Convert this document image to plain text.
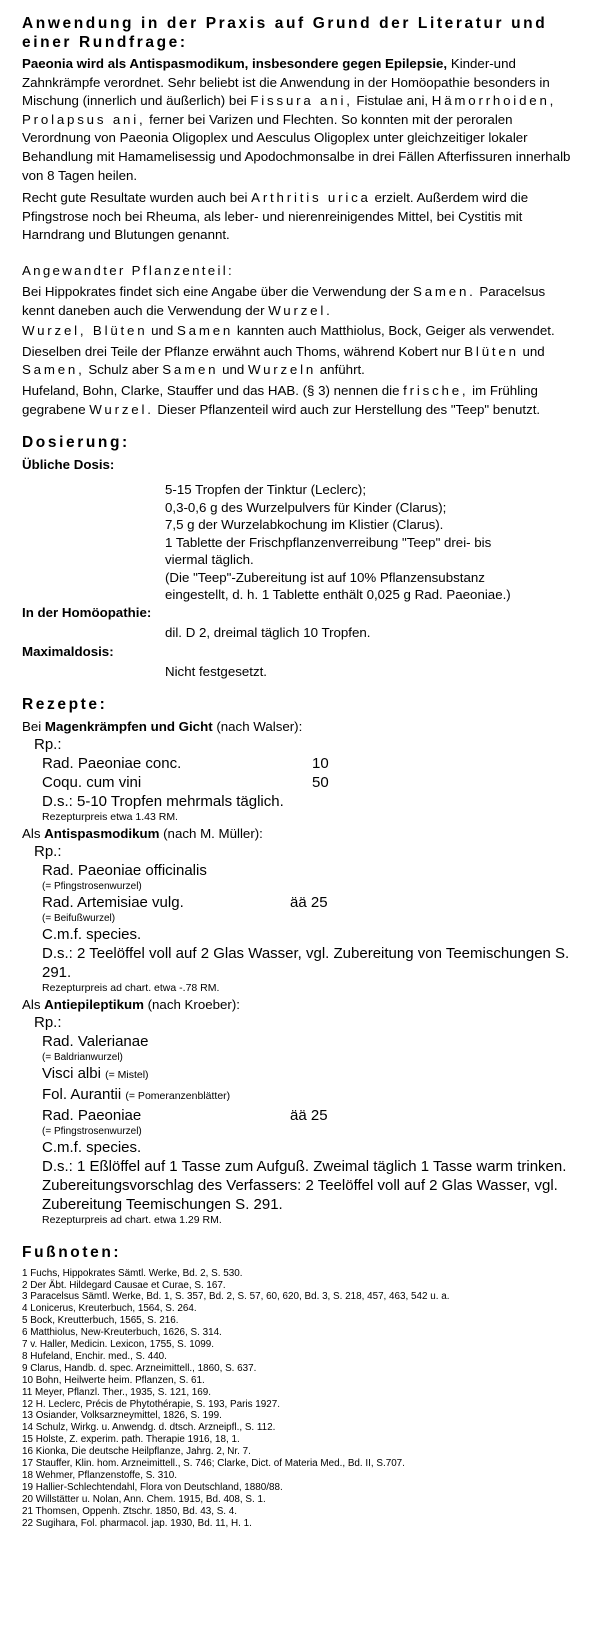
Anwendung in der Praxis auf Grund der Literatur und einer Rundfrage:

Paeonia wird als Antispasmodikum, insbesondere gegen Epilepsie, Kinder-und Zahnkrämpfe verordnet. Sehr beliebt ist die Anwendung in der Homöopathie besonders in Mischung (innerlich und äußerlich) bei Fissura ani, Fistulae ani, Hämorrhoiden, Prolapsus ani, ferner bei Varizen und Flechten. So konnten mit der peroralen Verordnung von Paeonia Oligoplex und Aesculus Oligoplex unter gleichzeitiger lokaler Behandlung mit Hamamelisessig und Apodochmonsalbe in drei Fällen Afterfissuren innerhalb von 8 Tagen heilen.

Recht gute Resultate wurden auch bei Arthritis urica erzielt. Außerdem wird die Pfingstrose noch bei Rheuma, als leber- und nierenreinigendes Mittel, bei Cystitis mit Harndrang und Blutungen genannt.

Angewandter Pflanzenteil:

Bei Hippokrates findet sich eine Angabe über die Verwendung der Samen. Paracelsus kennt daneben auch die Verwendung der Wurzel.

Wurzel, Blüten und Samen kannten auch Matthiolus, Bock, Geiger als verwendet.

Dieselben drei Teile der Pflanze erwähnt auch Thoms, während Kobert nur Blüten und Samen, Schulz aber Samen und Wurzeln anführt.

Hufeland, Bohn, Clarke, Stauffer und das HAB. (§ 3) nennen die frische, im Frühling gegrabene Wurzel. Dieser Pflanzenteil wird auch zur Herstellung des "Teep" benutzt.

Dosierung:
Übliche Dosis:
5-15 Tropfen der Tinktur (Leclerc);
0,3-0,6 g des Wurzelpulvers für Kinder (Clarus);
7,5 g der Wurzelabkochung im Klistier (Clarus).
1 Tablette der Frischpflanzenverreibung "Teep" drei- bis
viermal täglich.
(Die "Teep"-Zubereitung ist auf 10% Pflanzensubstanz
eingestellt, d. h. 1 Tablette enthält 0,025 g Rad. Paeoniae.)
In der Homöopathie:
dil. D 2, dreimal täglich 10 Tropfen.
Maximaldosis:
Nicht festgesetzt.
Rezepte:
Bei Magenkrämpfen und Gicht (nach Walser):
Rp.:
Rad. Paeoniae conc.	10
Coqu. cum vini	50
D.s.: 5-10 Tropfen mehrmals täglich.
Rezepturpreis etwa 1.43 RM.
Als Antispasmodikum (nach M. Müller):
Rp.:
Rad. Paeoniae officinalis
(= Pfingstrosenwurzel)
Rad. Artemisiae vulg.	ää 25
(= Beifußwurzel)
C.m.f. species.
D.s.: 2 Teelöffel voll auf 2 Glas Wasser, vgl. Zubereitung von Teemischungen S. 291.
Rezepturpreis ad chart. etwa -.78 RM.
Als Antiepileptikum (nach Kroeber):
Rp.:
Rad. Valerianae
(= Baldrianwurzel)
Visci albi (= Mistel)
Fol. Aurantii (= Pomeranzenblätter)
Rad. Paeoniae	ää 25
(= Pfingstrosenwurzel)
C.m.f. species.
D.s.: 1 Eßlöffel auf 1 Tasse zum Aufguß. Zweimal täglich 1 Tasse warm trinken.
Zubereitungsvorschlag des Verfassers: 2 Teelöffel voll auf 2 Glas Wasser, vgl. Zubereitung Teemischungen S. 291.
Rezepturpreis ad chart. etwa 1.29 RM.
Fußnoten:
1 Fuchs, Hippokrates Sämtl. Werke, Bd. 2, S. 530.
2 Der Äbt. Hildegard Causae et Curae, S. 167.
3 Paracelsus Sämtl. Werke, Bd. 1, S. 357, Bd. 2, S. 57, 60, 620, Bd. 3, S. 218, 457, 463, 542 u. a.
4 Lonicerus, Kreuterbuch, 1564, S. 264.
5 Bock, Kreutterbuch, 1565, S. 216.
6 Matthiolus, New-Kreuterbuch, 1626, S. 314.
7 v. Haller, Medicin. Lexicon, 1755, S. 1099.
8 Hufeland, Enchir. med., S. 440.
9 Clarus, Handb. d. spec. Arzneimittell., 1860, S. 637.
10 Bohn, Heilwerte heim. Pflanzen, S. 61.
11 Meyer, Pflanzl. Ther., 1935, S. 121, 169.
12 H. Leclerc, Précis de Phytothérapie, S. 193, Paris 1927.
13 Osiander, Volksarzneymittel, 1826, S. 199.
14 Schulz, Wirkg. u. Anwendg. d. dtsch. Arzneipfl., S. 112.
15 Holste, Z. experim. path. Therapie 1916, 18, 1.
16 Kionka, Die deutsche Heilpflanze, Jahrg. 2, Nr. 7.
17 Stauffer, Klin. hom. Arzneimittell., S. 746; Clarke, Dict. of Materia Med., Bd. II, S.707.
18 Wehmer, Pflanzenstoffe, S. 310.
19 Hallier-Schlechtendahl, Flora von Deutschland, 1880/88.
20 Willstätter u. Nolan, Ann. Chem. 1915, Bd. 408, S. 1.
21 Thomsen, Oppenh. Ztschr. 1850, Bd. 43, S. 4.
22 Sugihara, Fol. pharmacol. jap. 1930, Bd. 11, H. 1.
